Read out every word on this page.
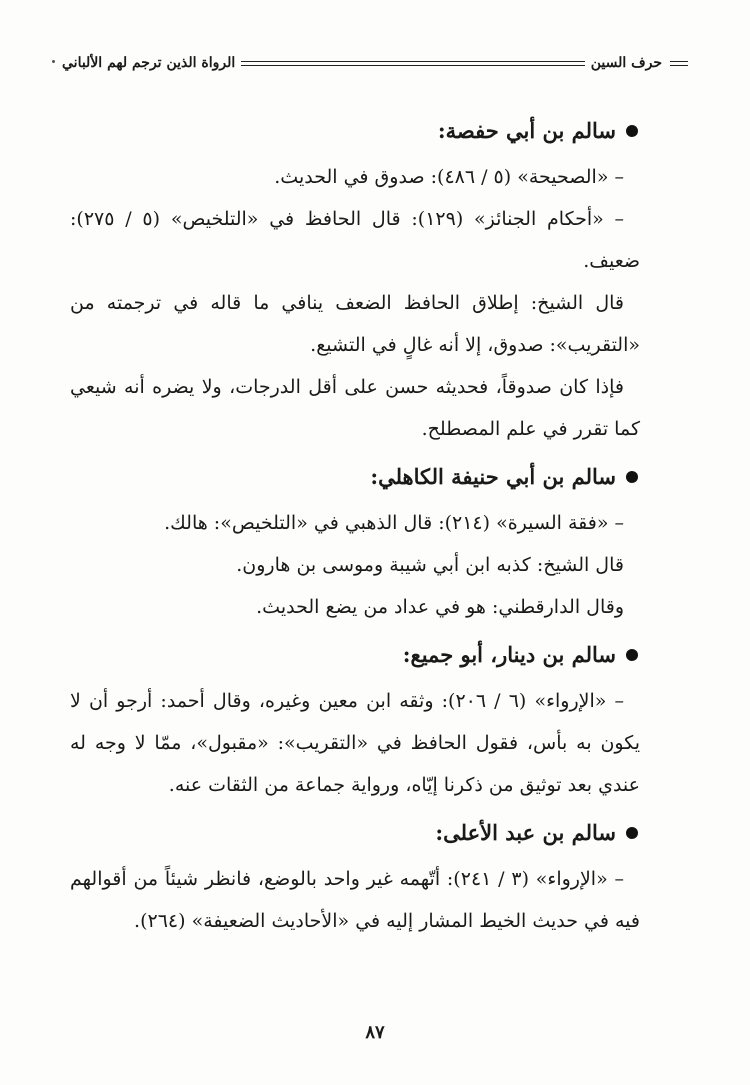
حرف السين
الرواة الذين ترجم لهم الألباني
سالم بن أبي حفصة:

– «الصحيحة» (٥ / ٤٨٦): صدوق في الحديث.

– «أحكام الجنائز» (١٢٩): قال الحافظ في «التلخيص» (٥ / ٢٧٥): ضعيف.

قال الشيخ: إطلاق الحافظ الضعف ينافي ما قاله في ترجمته من «التقريب»: صدوق، إلا أنه غالٍ في التشيع.

فإذا كان صدوقاً، فحديثه حسن على أقل الدرجات، ولا يضره أنه شيعي كما تقرر في علم المصطلح.

سالم بن أبي حنيفة الكاهلي:

– «فقة السيرة» (٢١٤): قال الذهبي في «التلخيص»: هالك.

قال الشيخ: كذبه ابن أبي شيبة وموسى بن هارون.

وقال الدارقطني: هو في عداد من يضع الحديث.

سالم بن دينار، أبو جميع:

– «الإرواء» (٦ / ٢٠٦): وثقه ابن معين وغيره، وقال أحمد: أرجو أن لا يكون به بأس، فقول الحافظ في «التقريب»: «مقبول»، ممّا لا وجه له عندي بعد توثيق من ذكرنا إيّاه، ورواية جماعة من الثقات عنه.

سالم بن عبد الأعلى:

– «الإرواء» (٣ / ٢٤١): أتّهمه غير واحد بالوضع، فانظر شيئاً من أقوالهم فيه في حديث الخيط المشار إليه في «الأحاديث الضعيفة» (٢٦٤).

٨٧
